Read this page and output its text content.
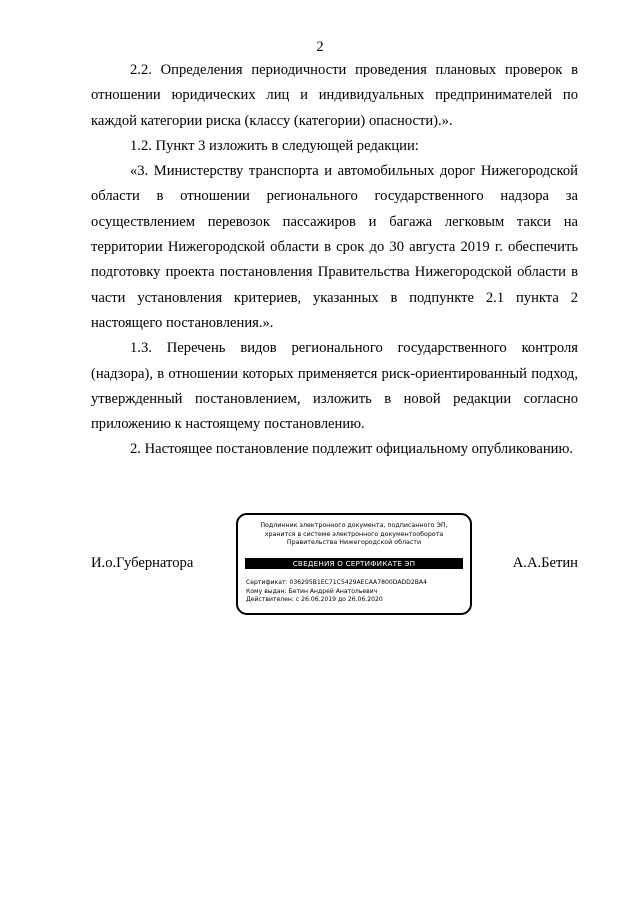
2

2.2. Определения периодичности проведения плановых проверок в отношении юридических лиц и индивидуальных предпринимателей по каждой категории риска (классу (категории) опасности).».

1.2. Пункт 3 изложить в следующей редакции:

«3. Министерству транспорта и автомобильных дорог Нижегородской области в отношении регионального государственного надзора за осуществлением перевозок пассажиров и багажа легковым такси на территории Нижегородской области в срок до 30 августа 2019 г. обеспечить подготовку проекта постановления Правительства Нижегородской области в части установления критериев, указанных в подпункте 2.1 пункта 2 настоящего постановления.».

1.3. Перечень видов регионального государственного контроля (надзора), в отношении которых применяется риск-ориентированный подход, утвержденный постановлением, изложить в новой редакции согласно приложению к настоящему постановлению.

2. Настоящее постановление подлежит официальному опубликованию.

И.о.Губернатора	А.А.Бетин
Подлинник электронного документа, подписанного ЭП,
хранится в системе электронного документооборота
Правительства Нижегородской области
СВЕДЕНИЯ О СЕРТИФИКАТЕ ЭП
Сертификат: 036295B1EC71C5429AECAA7800DADD2BA4
Кому выдан: Бетин Андрей Анатольевич
Действителен: с 26.06.2019 до 26.06.2020
